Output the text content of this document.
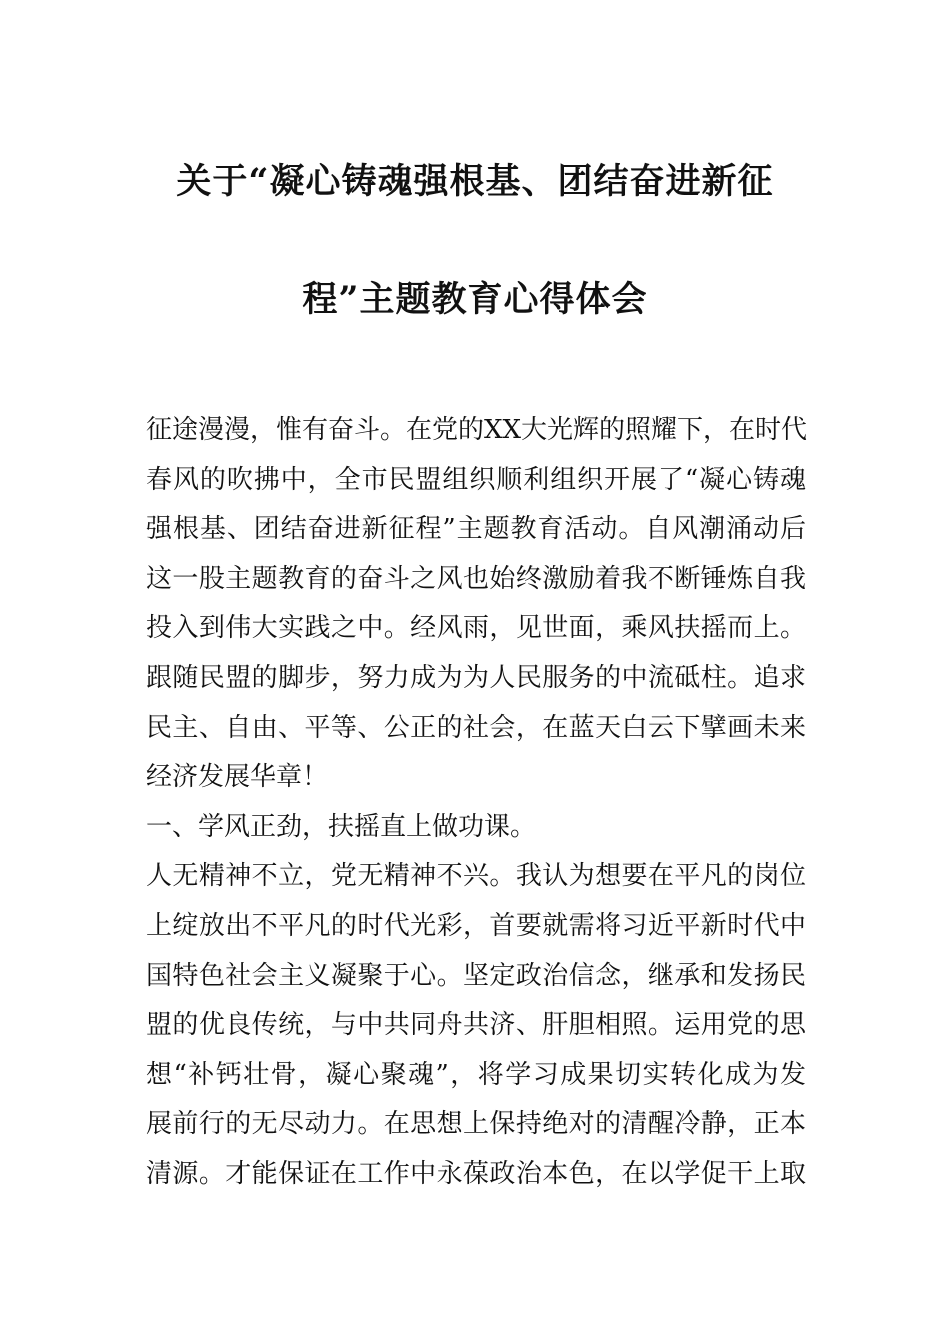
关于“凝心铸魂强根基、团结奋进新征
程”主题教育心得体会
征途漫漫，惟有奋斗。在党的XX大光辉的照耀下，在时代
春风的吹拂中，全市民盟组织顺利组织开展了“凝心铸魂
强根基、团结奋进新征程”主题教育活动。自风潮涌动后
这一股主题教育的奋斗之风也始终激励着我不断锤炼自我
投入到伟大实践之中。经风雨，见世面，乘风扶摇而上。
跟随民盟的脚步，努力成为为人民服务的中流砥柱。追求
民主、自由、平等、公正的社会，在蓝天白云下擘画未来
经济发展华章！
一、学风正劲，扶摇直上做功课。
人无精神不立，党无精神不兴。我认为想要在平凡的岗位
上绽放出不平凡的时代光彩，首要就需将习近平新时代中
国特色社会主义凝聚于心。坚定政治信念，继承和发扬民
盟的优良传统，与中共同舟共济、肝胆相照。运用党的思
想“补钙壮骨，凝心聚魂”，将学习成果切实转化成为发
展前行的无尽动力。在思想上保持绝对的清醒冷静，正本
清源。才能保证在工作中永葆政治本色，在以学促干上取
